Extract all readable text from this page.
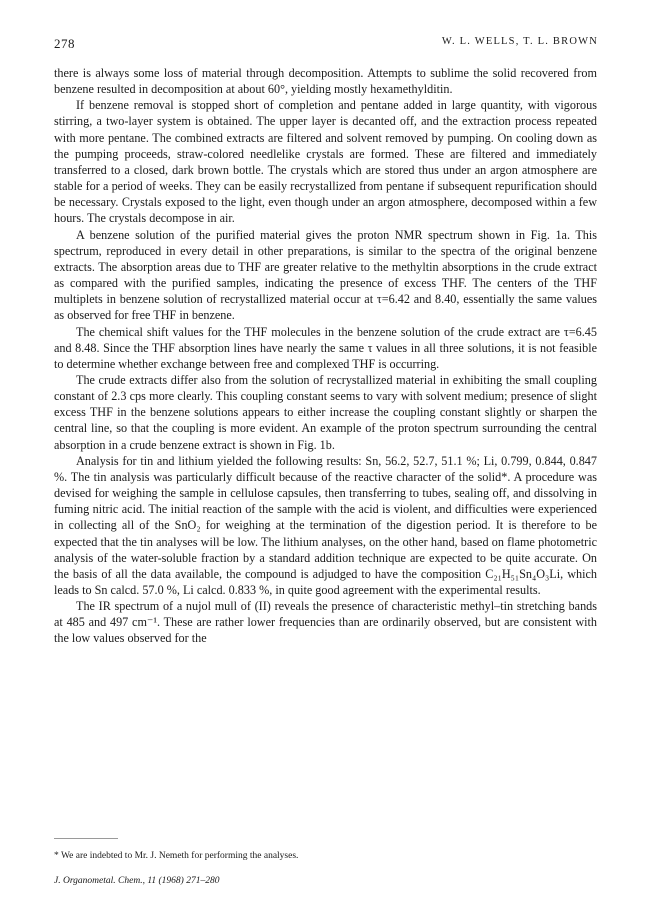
278	W. L. WELLS, T. L. BROWN

there is always some loss of material through decomposition. Attempts to sublime the solid recovered from benzene resulted in decomposition at about 60°, yielding mostly hexamethylditin.

If benzene removal is stopped short of completion and pentane added in large quantity, with vigorous stirring, a two-layer system is obtained. The upper layer is decanted off, and the extraction process repeated with more pentane. The combined extracts are filtered and solvent removed by pumping. On cooling down as the pumping proceeds, straw-colored needlelike crystals are formed. These are filtered and immediately transferred to a closed, dark brown bottle. The crystals which are stored thus under an argon atmosphere are stable for a period of weeks. They can be easily recrystallized from pentane if subsequent repurification should be necessary. Crystals exposed to the light, even though under an argon atmosphere, decomposed within a few hours. The crystals decompose in air.

A benzene solution of the purified material gives the proton NMR spectrum shown in Fig. 1a. This spectrum, reproduced in every detail in other preparations, is similar to the spectra of the original benzene extracts. The absorption areas due to THF are greater relative to the methyltin absorptions in the crude extract as compared with the purified samples, indicating the presence of excess THF. The centers of the THF multiplets in benzene solution of recrystallized material occur at τ=6.42 and 8.40, essentially the same values as observed for free THF in benzene.

The chemical shift values for the THF molecules in the benzene solution of the crude extract are τ=6.45 and 8.48. Since the THF absorption lines have nearly the same τ values in all three solutions, it is not feasible to determine whether exchange between free and complexed THF is occurring.

The crude extracts differ also from the solution of recrystallized material in exhibiting the small coupling constant of 2.3 cps more clearly. This coupling constant seems to vary with solvent medium; presence of slight excess THF in the benzene solutions appears to either increase the coupling constant slightly or sharpen the central line, so that the coupling is more evident. An example of the proton spectrum surrounding the central absorption in a crude benzene extract is shown in Fig. 1b.

Analysis for tin and lithium yielded the following results: Sn, 56.2, 52.7, 51.1 %; Li, 0.799, 0.844, 0.847 %. The tin analysis was particularly difficult because of the reactive character of the solid*. A procedure was devised for weighing the sample in cellulose capsules, then transferring to tubes, sealing off, and dissolving in fuming nitric acid. The initial reaction of the sample with the acid is violent, and difficulties were experienced in collecting all of the SnO₂ for weighing at the termination of the digestion period. It is therefore to be expected that the tin analyses will be low. The lithium analyses, on the other hand, based on flame photometric analysis of the water-soluble fraction by a standard addition technique are expected to be quite accurate. On the basis of all the data available, the compound is adjudged to have the composition C₂₁H₅₁Sn₄O₃Li, which leads to Sn calcd. 57.0 %, Li calcd. 0.833 %, in quite good agreement with the experimental results.

The IR spectrum of a nujol mull of (II) reveals the presence of characteristic methyl–tin stretching bands at 485 and 497 cm⁻¹. These are rather lower frequencies than are ordinarily observed, but are consistent with the low values observed for the

* We are indebted to Mr. J. Nemeth for performing the analyses.
J. Organometal. Chem., 11 (1968) 271–280
